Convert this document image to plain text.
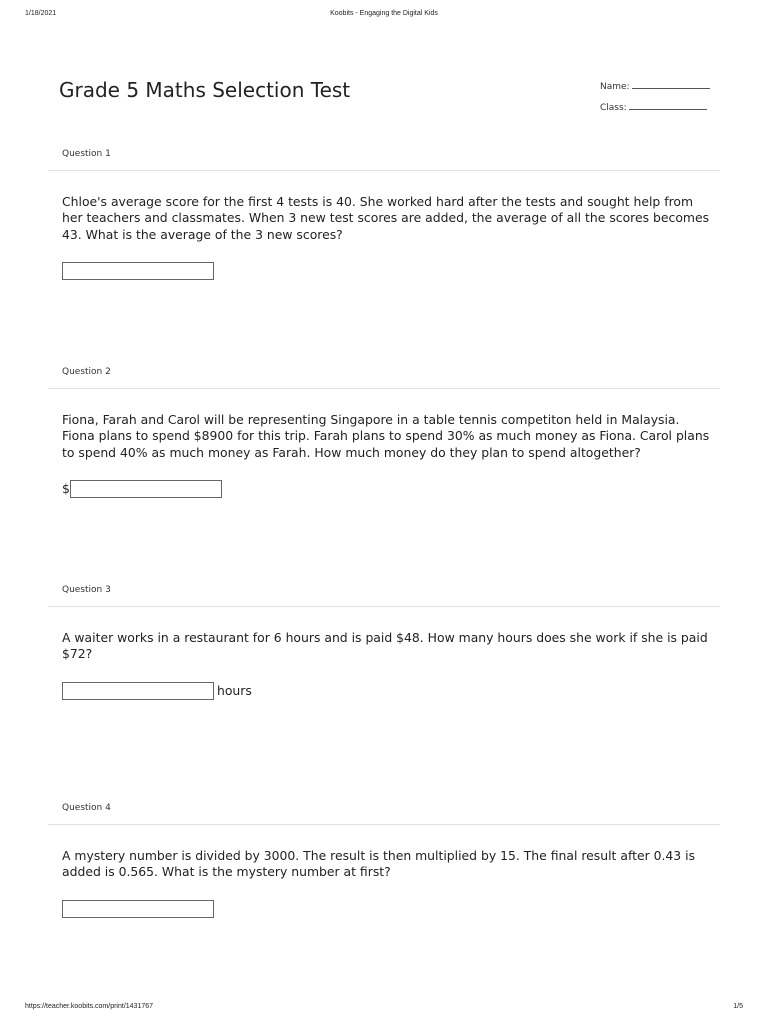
1/18/2021	Koobits - Engaging the Digital Kids
Grade 5 Maths Selection Test	Name:
Class:
Question 1
Chloe's average score for the first 4 tests is 40. She worked hard after the tests and sought help from her teachers and classmates. When 3 new test scores are added, the average of all the scores becomes 43. What is the average of the 3 new scores?
Question 2
Fiona, Farah and Carol will be representing Singapore in a table tennis competiton held in Malaysia. Fiona plans to spend $8900 for this trip. Farah plans to spend 30% as much money as Fiona. Carol plans to spend 40% as much money as Farah. How much money do they plan to spend altogether?
$
Question 3
A waiter works in a restaurant for 6 hours and is paid $48. How many hours does she work if she is paid $72?
hours
Question 4
A mystery number is divided by 3000. The result is then multiplied by 15. The final result after 0.43 is added is 0.565. What is the mystery number at first?
https://teacher.koobits.com/print/1431767	1/5
